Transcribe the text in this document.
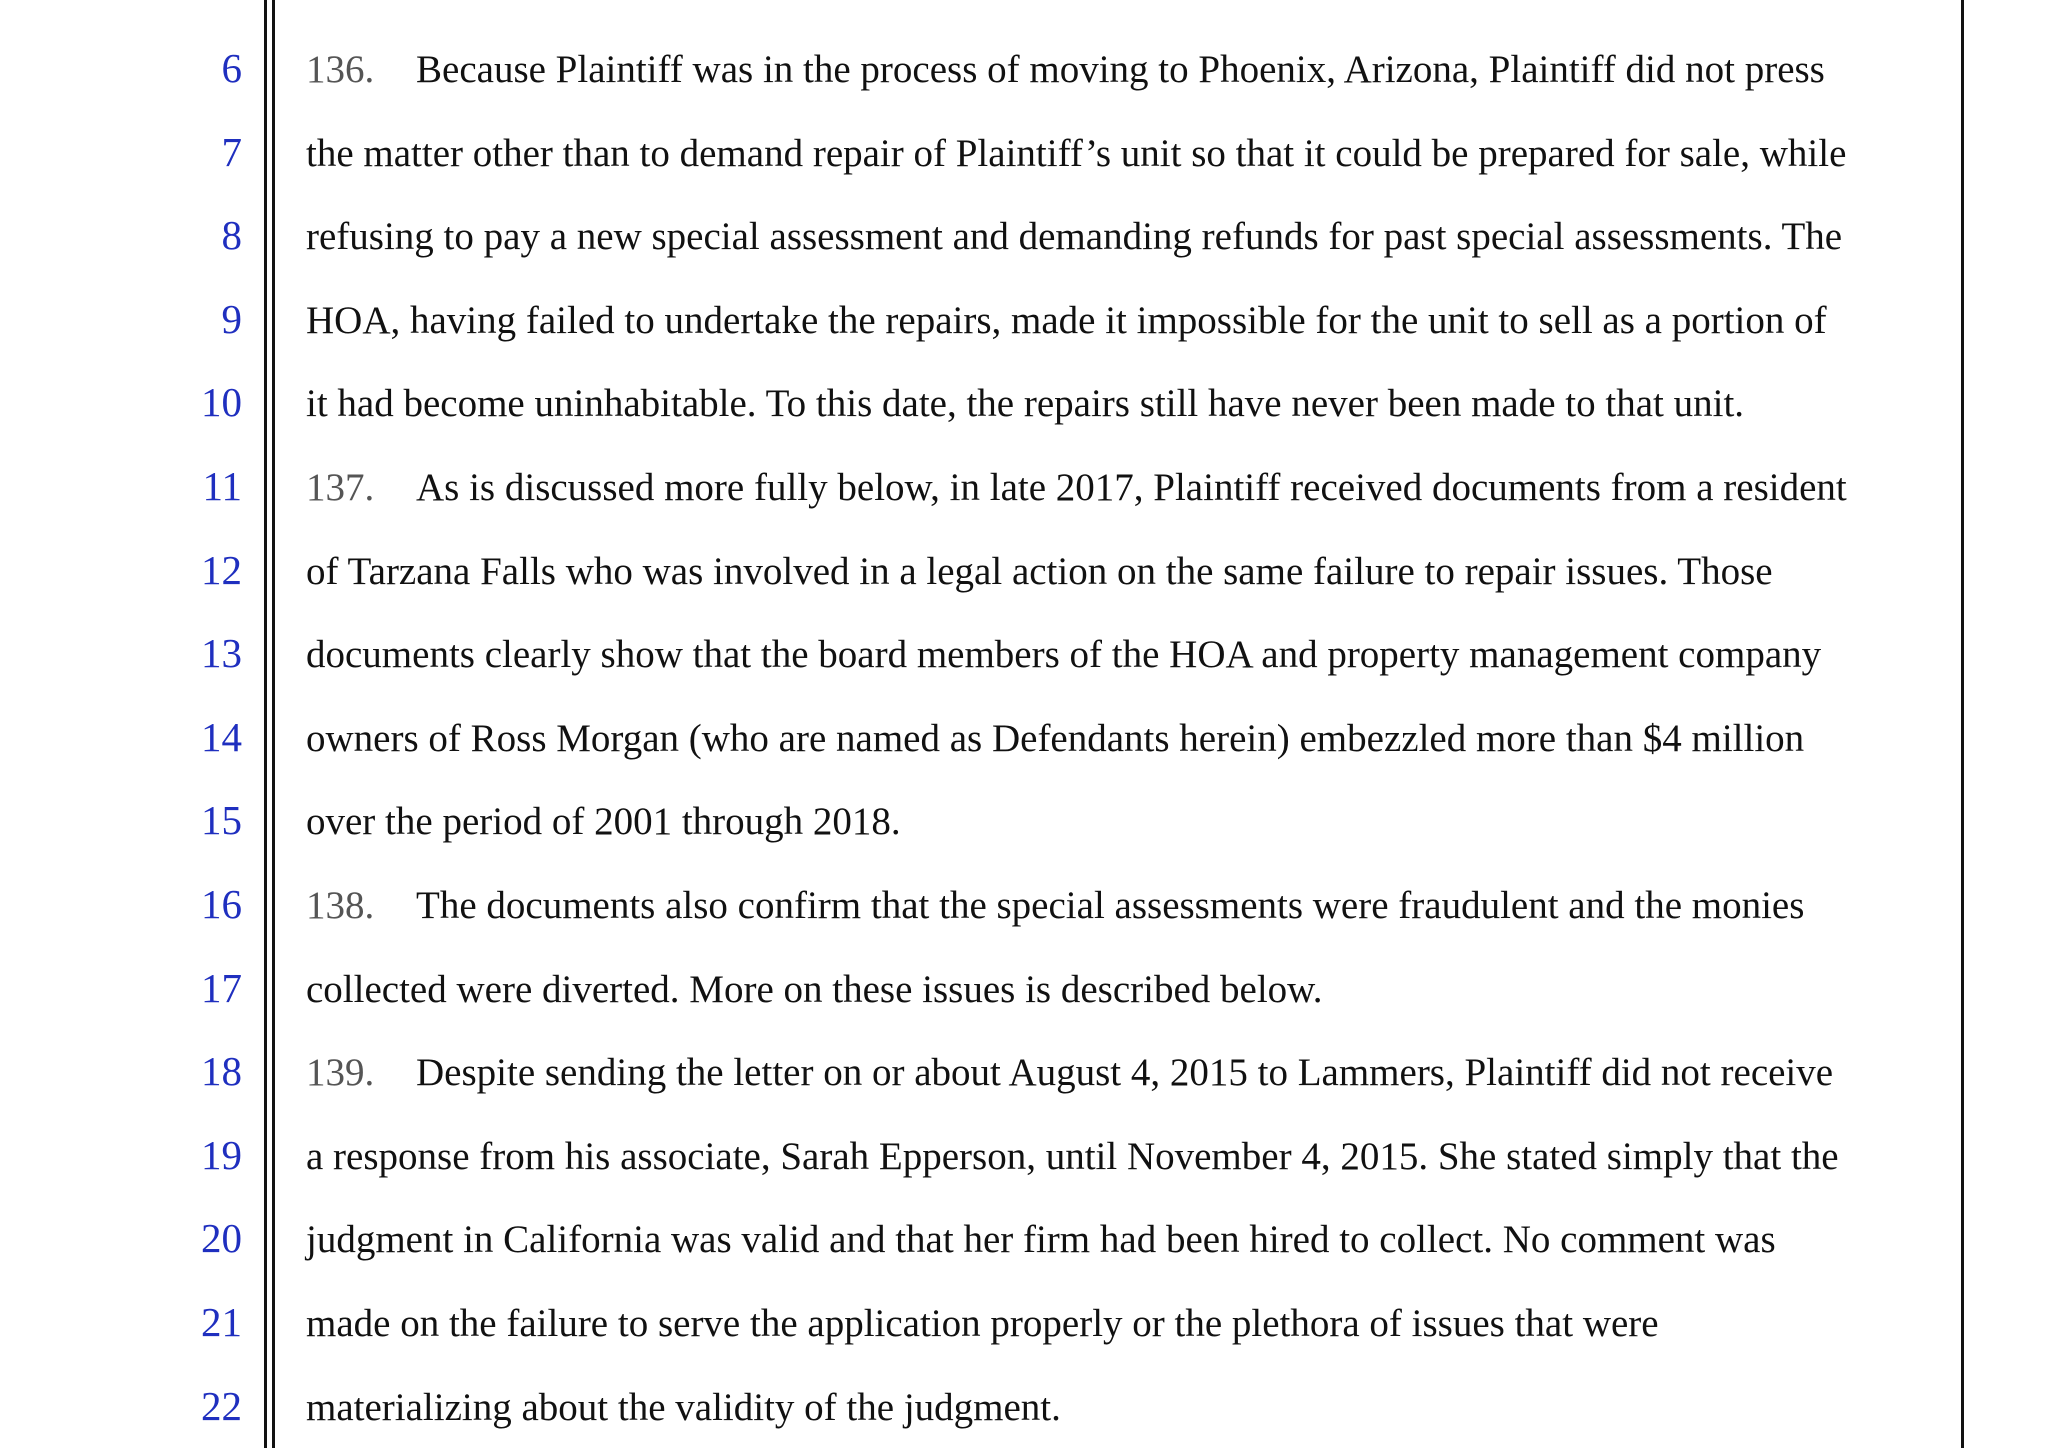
6
7
8
9
10
11
12
13
14
15
16
17
18
19
20
21
22
136. Because Plaintiff was in the process of moving to Phoenix, Arizona, Plaintiff did not press
the matter other than to demand repair of Plaintiff’s unit so that it could be prepared for sale, while
refusing to pay a new special assessment and demanding refunds for past special assessments. The
HOA, having failed to undertake the repairs, made it impossible for the unit to sell as a portion of
it had become uninhabitable. To this date, the repairs still have never been made to that unit.
137. As is discussed more fully below, in late 2017, Plaintiff received documents from a resident
of Tarzana Falls who was involved in a legal action on the same failure to repair issues. Those
documents clearly show that the board members of the HOA and property management company
owners of Ross Morgan (who are named as Defendants herein) embezzled more than $4 million
over the period of 2001 through 2018.
138. The documents also confirm that the special assessments were fraudulent and the monies
collected were diverted. More on these issues is described below.
139. Despite sending the letter on or about August 4, 2015 to Lammers, Plaintiff did not receive
a response from his associate, Sarah Epperson, until November 4, 2015. She stated simply that the
judgment in California was valid and that her firm had been hired to collect. No comment was
made on the failure to serve the application properly or the plethora of issues that were
materializing about the validity of the judgment.
